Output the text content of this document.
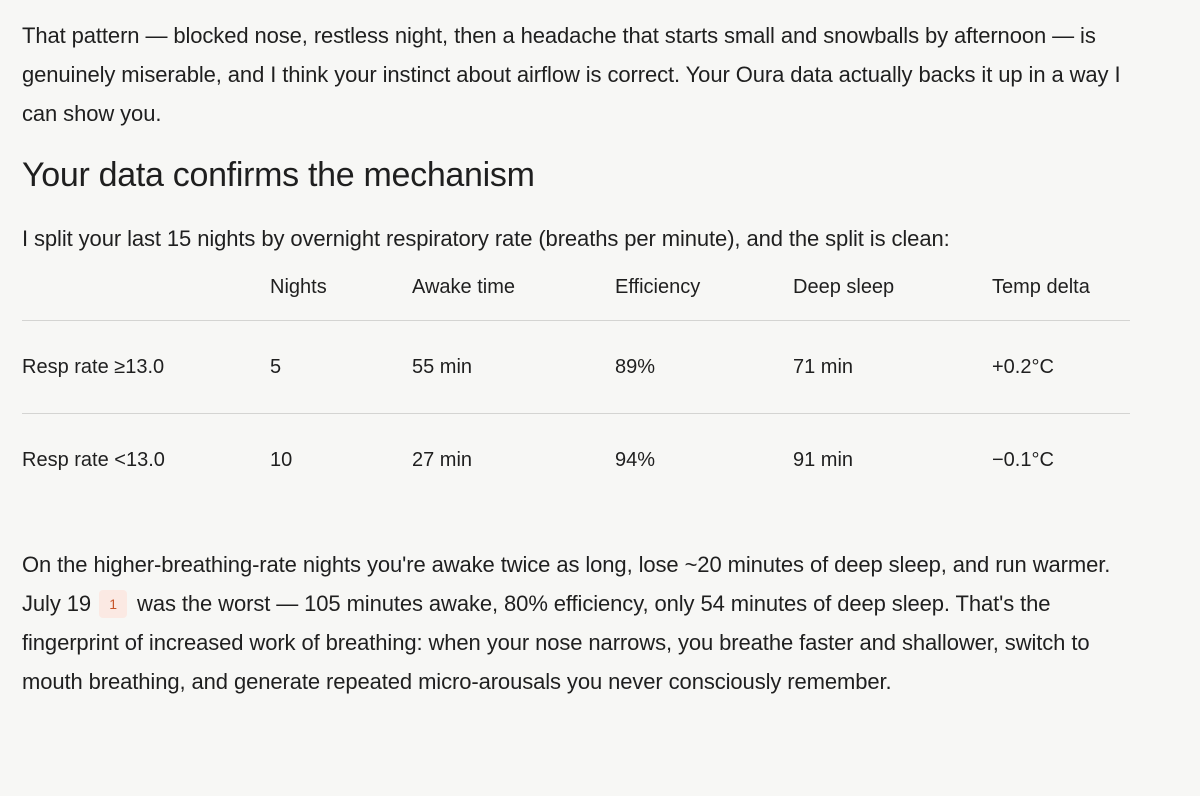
That pattern — blocked nose, restless night, then a headache that starts small and snowballs by afternoon — is genuinely miserable, and I think your instinct about airflow is correct. Your Oura data actually backs it up in a way I can show you.

Your data confirms the mechanism

I split your last 15 nights by overnight respiratory rate (breaths per minute), and the split is clean:

	Nights	Awake time	Efficiency	Deep sleep	Temp delta
Resp rate ≥13.0	5	55 min	89%	71 min	+0.2°C
Resp rate <13.0	10	27 min	94%	91 min	−0.1°C

On the higher-breathing-rate nights you're awake twice as long, lose ~20 minutes of deep sleep, and run warmer. July 19 1 was the worst — 105 minutes awake, 80% efficiency, only 54 minutes of deep sleep. That's the fingerprint of increased work of breathing: when your nose narrows, you breathe faster and shallower, switch to mouth breathing, and generate repeated micro-arousals you never consciously remember.
